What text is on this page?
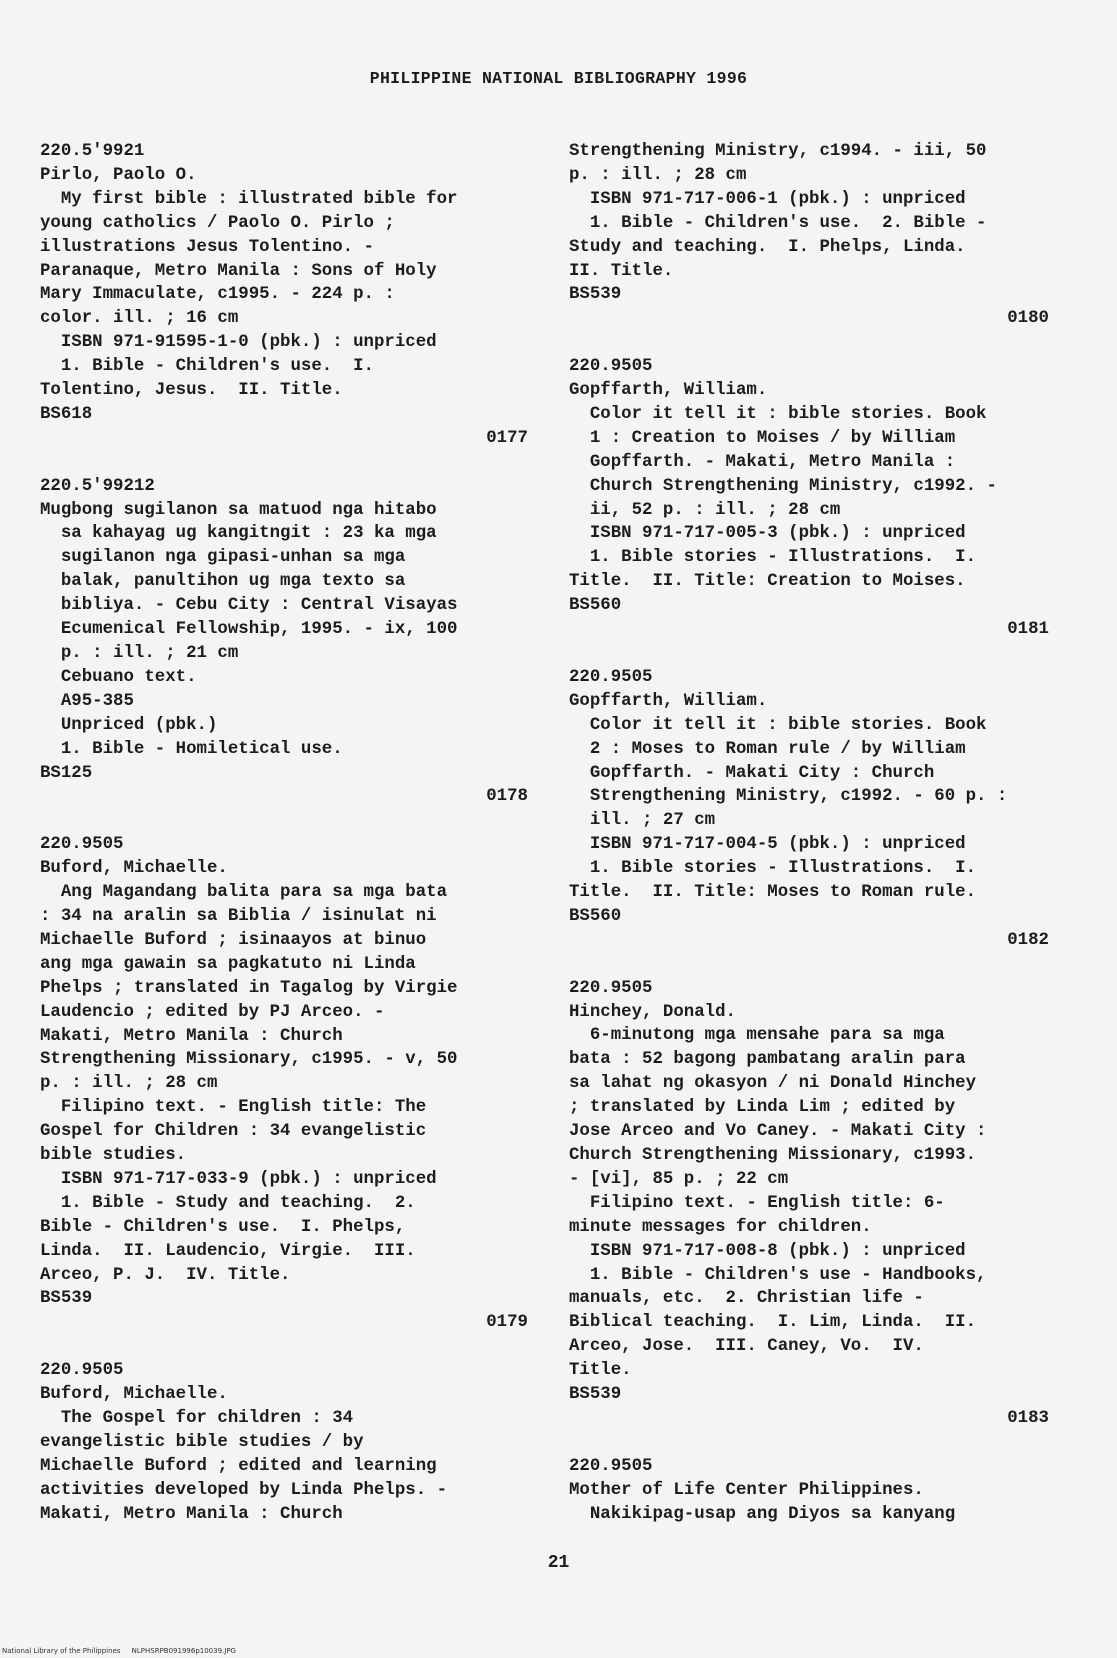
PHILIPPINE NATIONAL BIBLIOGRAPHY 1996
220.5'9921
Pirlo, Paolo O.
My first bible : illustrated bible for
young catholics / Paolo O. Pirlo ;
illustrations Jesus Tolentino. -
Paranaque, Metro Manila : Sons of Holy
Mary Immaculate, c1995. - 224 p. :
color. ill. ; 16 cm
ISBN 971-91595-1-0 (pbk.) : unpriced
1. Bible - Children's use.  I.
Tolentino, Jesus.  II. Title.
BS618
0177
220.5'99212
Mugbong sugilanon sa matuod nga hitabo
sa kahayag ug kangitngit : 23 ka mga
sugilanon nga gipasi-unhan sa mga
balak, panultihon ug mga texto sa
bibliya. - Cebu City : Central Visayas
Ecumenical Fellowship, 1995. - ix, 100
p. : ill. ; 21 cm
Cebuano text.
A95-385
Unpriced (pbk.)
1. Bible - Homiletical use.
BS125
0178
220.9505
Buford, Michaelle.
Ang Magandang balita para sa mga bata
: 34 na aralin sa Biblia / isinulat ni
Michaelle Buford ; isinaayos at binuo
ang mga gawain sa pagkatuto ni Linda
Phelps ; translated in Tagalog by Virgie
Laudencio ; edited by PJ Arceo. -
Makati, Metro Manila : Church
Strengthening Missionary, c1995. - v, 50
p. : ill. ; 28 cm
Filipino text. - English title: The
Gospel for Children : 34 evangelistic
bible studies.
ISBN 971-717-033-9 (pbk.) : unpriced
1. Bible - Study and teaching.  2.
Bible - Children's use.  I. Phelps,
Linda.  II. Laudencio, Virgie.  III.
Arceo, P. J.  IV. Title.
BS539
0179
220.9505
Buford, Michaelle.
The Gospel for children : 34
evangelistic bible studies / by
Michaelle Buford ; edited and learning
activities developed by Linda Phelps. -
Makati, Metro Manila : Church
Strengthening Ministry, c1994. - iii, 50
p. : ill. ; 28 cm
ISBN 971-717-006-1 (pbk.) : unpriced
1. Bible - Children's use.  2. Bible -
Study and teaching.  I. Phelps, Linda.
II. Title.
BS539
0180
220.9505
Gopffarth, William.
Color it tell it : bible stories. Book
1 : Creation to Moises / by William
Gopffarth. - Makati, Metro Manila :
Church Strengthening Ministry, c1992. -
ii, 52 p. : ill. ; 28 cm
ISBN 971-717-005-3 (pbk.) : unpriced
1. Bible stories - Illustrations.  I.
Title.  II. Title: Creation to Moises.
BS560
0181
220.9505
Gopffarth, William.
Color it tell it : bible stories. Book
2 : Moses to Roman rule / by William
Gopffarth. - Makati City : Church
Strengthening Ministry, c1992. - 60 p. :
ill. ; 27 cm
ISBN 971-717-004-5 (pbk.) : unpriced
1. Bible stories - Illustrations.  I.
Title.  II. Title: Moses to Roman rule.
BS560
0182
220.9505
Hinchey, Donald.
6-minutong mga mensahe para sa mga
bata : 52 bagong pambatang aralin para
sa lahat ng okasyon / ni Donald Hinchey
; translated by Linda Lim ; edited by
Jose Arceo and Vo Caney. - Makati City :
Church Strengthening Missionary, c1993.
- [vi], 85 p. ; 22 cm
Filipino text. - English title: 6-
minute messages for children.
ISBN 971-717-008-8 (pbk.) : unpriced
1. Bible - Children's use - Handbooks,
manuals, etc.  2. Christian life -
Biblical teaching.  I. Lim, Linda.  II.
Arceo, Jose.  III. Caney, Vo.  IV.
Title.
BS539
0183
220.9505
Mother of Life Center Philippines.
Nakikipag-usap ang Diyos sa kanyang
21
National Library of the Philippines NLPHSRPB091996p10039.JPG
